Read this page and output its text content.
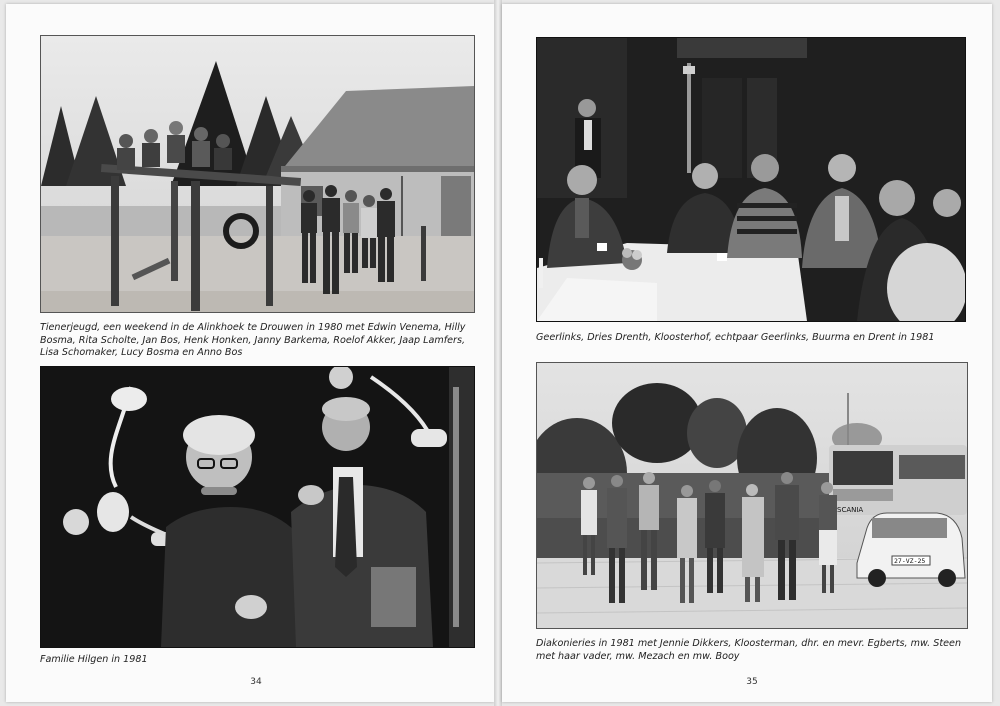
Tienerjeugd, een weekend in de Alinkhoek te Drouwen in 1980 met Edwin Venema, Hilly Bosma, Rita Scholte, Jan Bos, Henk Honken, Janny Barkema, Roelof Akker, Jaap Lamfers, Lisa Schomaker, Lucy Bosma en Anno Bos
Familie Hilgen in 1981
34
Geerlinks, Dries Drenth, Kloosterhof, echtpaar Geerlinks, Buurma en Drent in 1981
SCANIA
27-VZ-25
Diakonieries in 1981 met Jennie Dikkers, Kloosterman, dhr. en mevr. Egberts, mw. Steen met haar vader, mw. Mezach en mw. Booy
35
